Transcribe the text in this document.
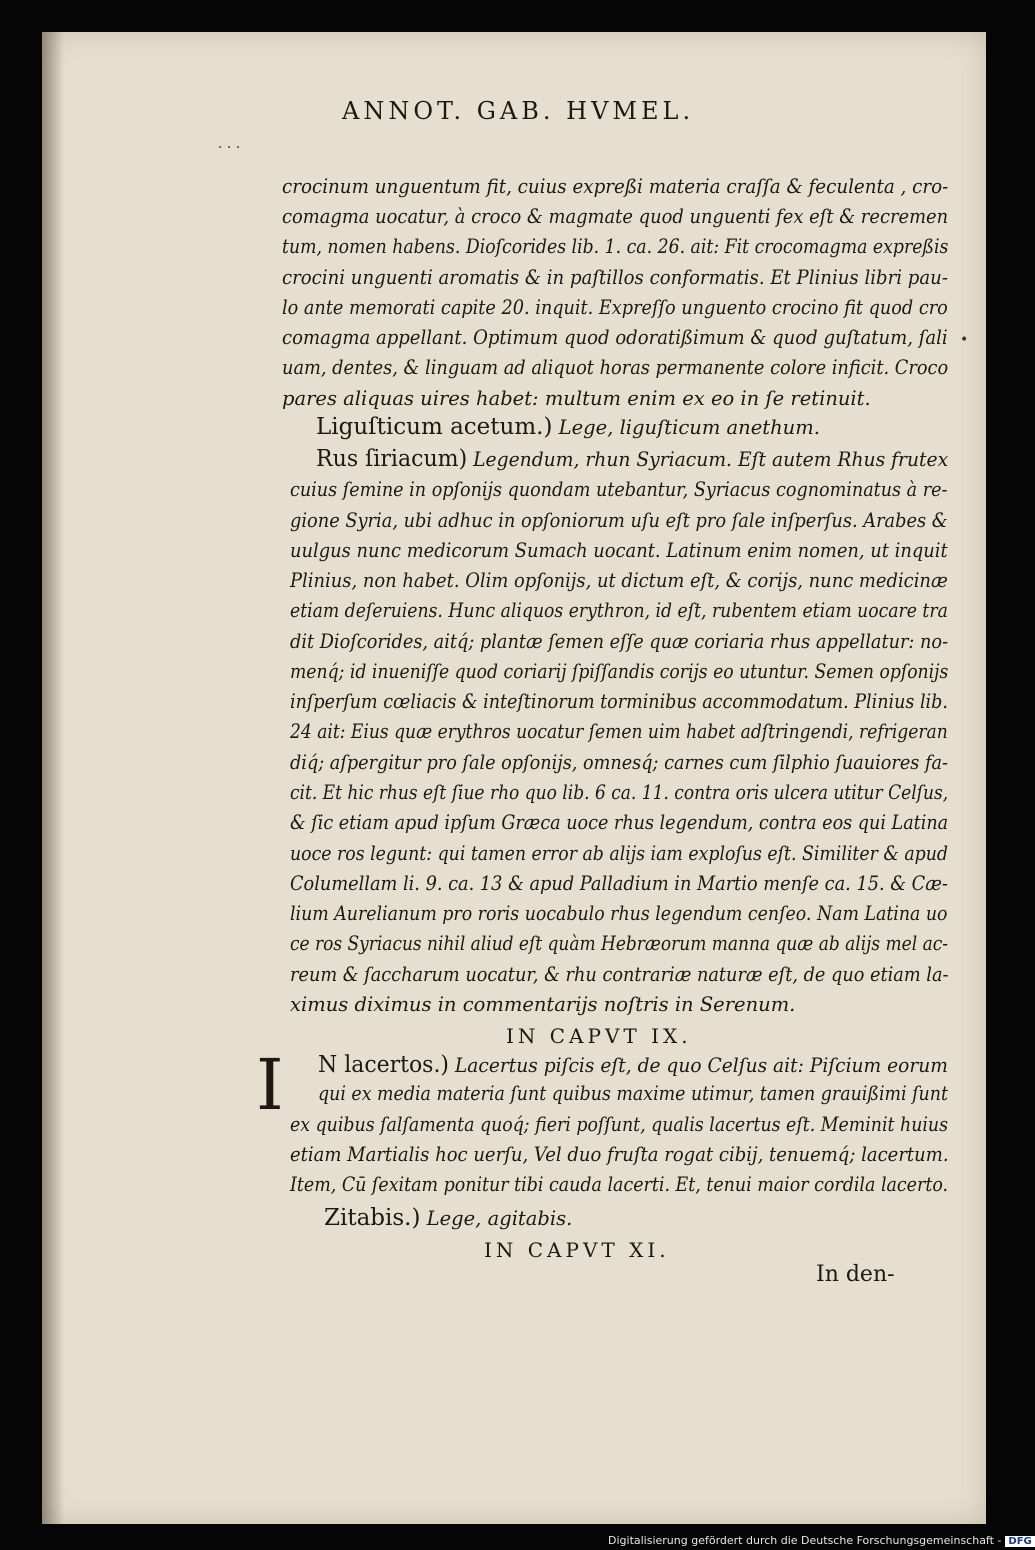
· · ·
ANNOT. GAB. HVMEL.
crocinum unguentum fit, cuius expreßi materia craſſa & feculenta , cro-
comagma uocatur, à croco & magmate quod unguenti fex eſt & recremen
tum, nomen habens. Dioſcorides lib. 1. ca. 26. ait: Fit crocomagma expreßis
crocini unguenti aromatis & in paſtillos conformatis. Et Plinius libri pau-
lo ante memorati capite 20. inquit. Expreſſo unguento crocino fit quod cro
comagma appellant. Optimum quod odoratißimum & quod guſtatum, ſali
uam, dentes, & linguam ad aliquot horas permanente colore inficit. Croco
pares aliquas uires habet: multum enim ex eo in ſe retinuit.
•
Liguſticum acetum.) Lege, liguſticum anethum.
Rus ſiriacum) Legendum, rhun Syriacum. Eſt autem Rhus frutex
cuius ſemine in opſonijs quondam utebantur, Syriacus cognominatus à re-
gione Syria, ubi adhuc in opſoniorum uſu eſt pro ſale inſperſus. Arabes &
uulgus nunc medicorum Sumach uocant. Latinum enim nomen, ut inquit
Plinius, non habet. Olim opſonijs, ut dictum eſt, & corijs, nunc medicinæ
etiam deſeruiens. Hunc aliquos erythron, id eſt, rubentem etiam uocare tra
dit Dioſcorides, aitq́; plantæ ſemen eſſe quæ coriaria rhus appellatur: no-
menq́; id inueniſſe quod coriarij ſpiſſandis corijs eo utuntur. Semen opſonijs
inſperſum cœliacis & inteſtinorum torminibus accommodatum. Plinius lib.
24 ait: Eius quæ erythros uocatur ſemen uim habet adſtringendi, refrigeran
diq́; aſpergitur pro ſale opſonijs, omnesq́; carnes cum ſilphio ſuauiores fa-
cit. Et hic rhus eſt ſiue rho quo lib. 6 ca. 11. contra oris ulcera utitur Celſus,
& ſic etiam apud ipſum Græca uoce rhus legendum, contra eos qui Latina
uoce ros legunt: qui tamen error ab alijs iam exploſus eſt. Similiter & apud
Columellam li. 9. ca. 13 & apud Palladium in Martio menſe ca. 15. & Cæ-
lium Aurelianum pro roris uocabulo rhus legendum cenſeo. Nam Latina uo
ce ros Syriacus nihil aliud eſt quàm Hebræorum manna quæ ab alijs mel ac-
reum & ſaccharum uocatur, & rhu contrariæ naturæ eſt, de quo etiam la-
ximus diximus in commentarijs noſtris in Serenum.
IN CAPVT IX.
I N lacertos.) Lacertus piſcis eſt, de quo Celſus ait: Piſcium eorum
qui ex media materia ſunt quibus maxime utimur, tamen grauißimi ſunt
ex quibus ſalſamenta quoq́; fieri poſſunt, qualis lacertus eſt. Meminit huius
etiam Martialis hoc uerſu, Vel duo fruſta rogat cibij, tenuemq́; lacertum.
Item, Cū ſexitam ponitur tibi cauda lacerti. Et, tenui maior cordila lacerto.
Zitabis.) Lege, agitabis.
IN CAPVT XI.
In den-
Digitalisierung gefördert durch die Deutsche Forschungsgemeinschaft - DFG
